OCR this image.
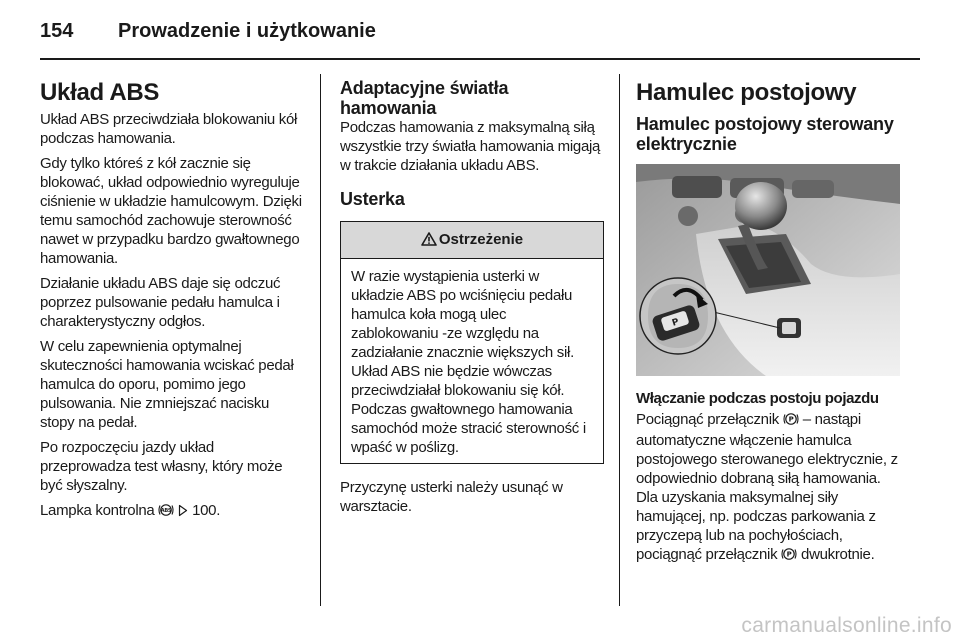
154 Prowadzenie i użytkowanie
Układ ABS

Układ ABS przeciwdziała blokowaniu kół podczas hamowania.

Gdy tylko któreś z kół zacznie się blokować, układ odpowiednio wyreguluje ciśnienie w układzie hamulcowym. Dzięki temu samochód zachowuje sterowność nawet w przypadku bardzo gwałtownego hamowania.

Działanie układu ABS daje się odczuć poprzez pulsowanie pedału hamulca i charakterystyczny odgłos.

W celu zapewnienia optymalnej skuteczności hamowania wciskać pedał hamulca do oporu, pomimo jego pulsowania. Nie zmniejszać nacisku stopy na pedał.

Po rozpoczęciu jazdy układ przeprowadza test własny, który może być słyszalny.

Lampka kontrolna ABS 100.

Adaptacyjne światła hamowania

Podczas hamowania z maksymalną siłą wszystkie trzy światła hamowania migają w trakcie działania układu ABS.

Usterka
Ostrzeżenie
W razie wystąpienia usterki w układzie ABS po wciśnięciu pedału hamulca koła mogą ulec zablokowaniu -ze względu na zadziałanie znacznie większych sił. Układ ABS nie będzie wówczas przeciwdziałał blokowaniu się kół. Podczas gwałtownego hamowania samochód może stracić sterowność i wpaść w poślizg.

Przyczynę usterki należy usunąć w warsztacie.

Hamulec postojowy
Hamulec postojowy sterowany elektrycznie
P
Włączanie podczas postoju pojazdu

Pociągnąć przełącznik P – nastąpi automatyczne włączenie hamulca postojowego sterowanego elektrycznie, z odpowiednio dobraną siłą hamowania. Dla uzyskania maksymalnej siły hamującej, np. podczas parkowania z przyczepą lub na pochyłościach, pociągnąć przełącznik P dwukrotnie.

carmanualsonline.info
